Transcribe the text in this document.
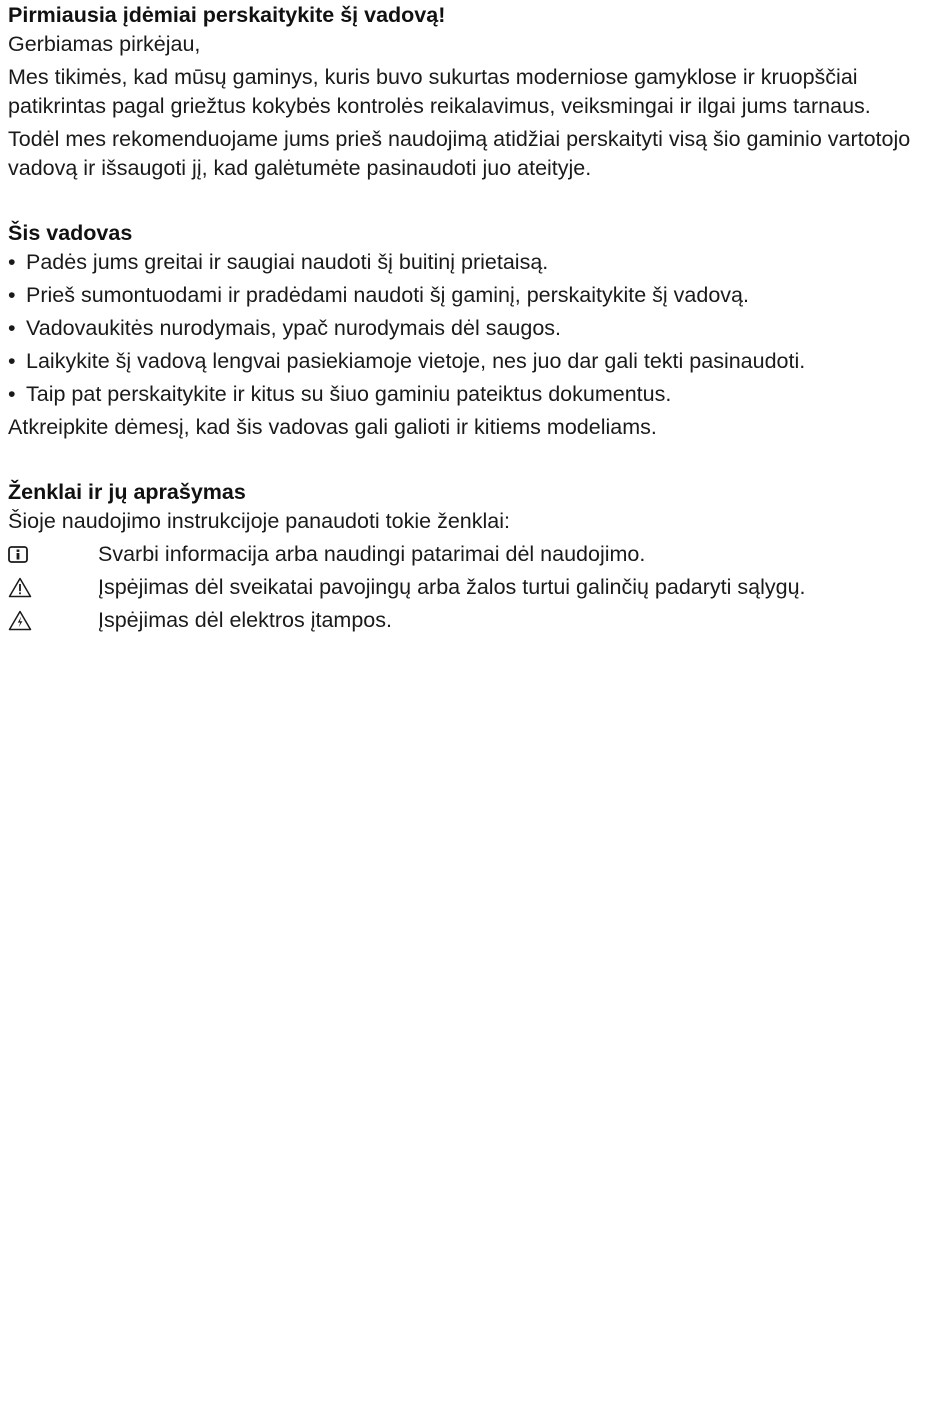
Pirmiausia įdėmiai perskaitykite šį vadovą!

Gerbiamas pirkėjau,

Mes tikimės, kad mūsų gaminys, kuris buvo sukurtas moderniose gamyklose ir kruopščiai patikrintas pagal griežtus kokybės kontrolės reikalavimus, veiksmingai ir ilgai jums tarnaus.

Todėl mes rekomenduojame jums prieš naudojimą atidžiai perskaityti visą šio gaminio vartotojo vadovą ir išsaugoti jį, kad galėtumėte pasinaudoti juo ateityje.

Šis vadovas
• Padės jums greitai ir saugiai naudoti šį buitinį prietaisą.
• Prieš sumontuodami ir pradėdami naudoti šį gaminį, perskaitykite šį vadovą.
• Vadovaukitės nurodymais, ypač nurodymais dėl saugos.
• Laikykite šį vadovą lengvai pasiekiamoje vietoje, nes juo dar gali tekti pasinaudoti.
• Taip pat perskaitykite ir kitus su šiuo gaminiu pateiktus dokumentus.

Atkreipkite dėmesį, kad šis vadovas gali galioti ir kitiems modeliams.

Ženklai ir jų aprašymas

Šioje naudojimo instrukcijoje panaudoti tokie ženklai:

Svarbi informacija arba naudingi patarimai dėl naudojimo.
Įspėjimas dėl sveikatai pavojingų arba žalos turtui galinčių padaryti sąlygų.
Įspėjimas dėl elektros įtampos.
